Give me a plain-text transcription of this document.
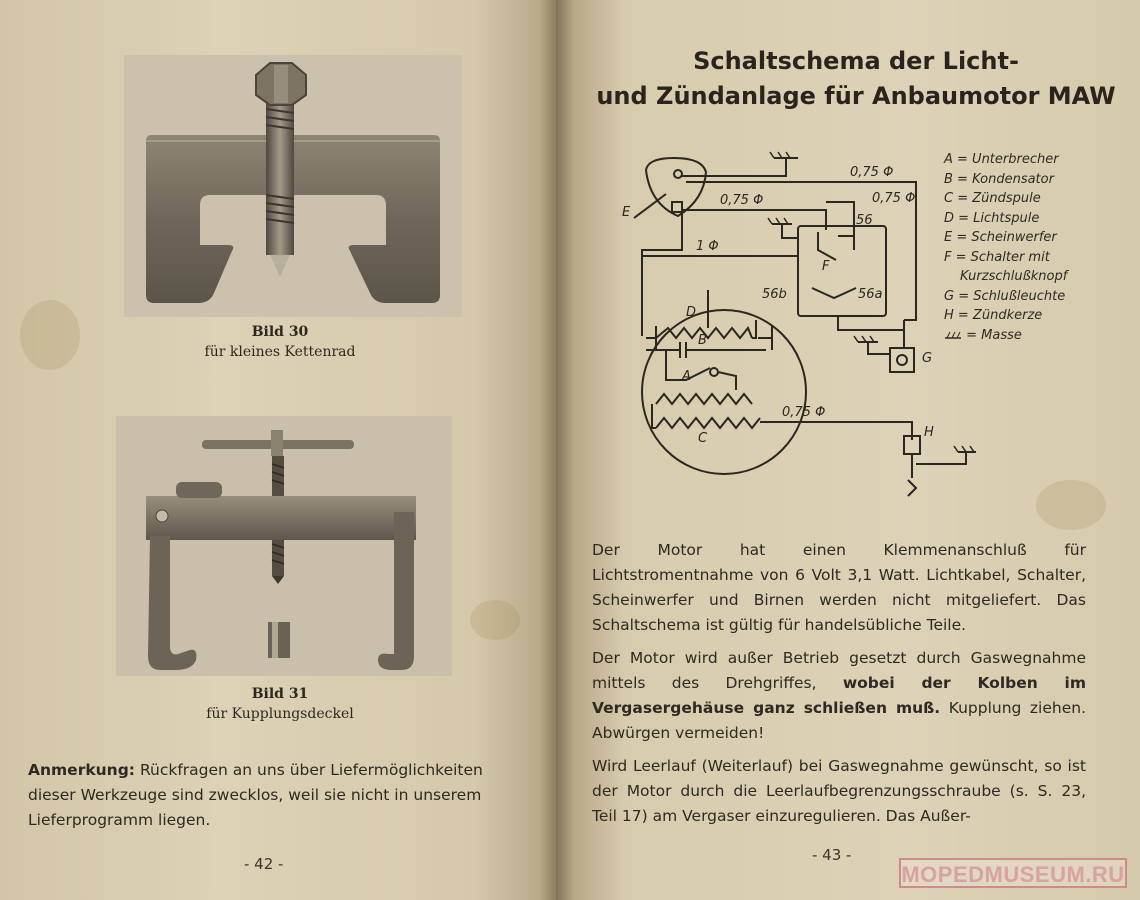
Bild 30
für kleines Kettenrad
Bild 31
für Kupplungsdeckel
Anmerkung: Rückfragen an uns über Liefermöglichkeiten dieser Werkzeuge sind zwecklos, weil sie nicht in unserem Lieferprogramm liegen.
- 42 -
Schaltschema der Licht-
und Zündanlage für Anbaumotor MAW
0,75 Φ
0,75 Φ	0,75 Φ
1 Φ
0,75 Φ
56
56a
56b
E
F
G
H
D
B
A
C
A = Unterbrecher
B = Kondensator
C = Zündspule
D = Lichtspule
E = Scheinwerfer
F = Schalter mit
Kurzschlußknopf
G = Schlußleuchte
H = Zündkerze
= Masse

Der Motor hat einen Klemmenanschluß für Lichtstromentnahme von 6 Volt 3,1 Watt. Lichtkabel, Schalter, Scheinwerfer und Birnen werden nicht mitgeliefert. Das Schaltschema ist gültig für handelsübliche Teile.

Der Motor wird außer Betrieb gesetzt durch Gaswegnahme mittels des Drehgriffes, wobei der Kolben im Vergasergehäuse ganz schließen muß. Kupplung ziehen. Abwürgen vermeiden!

Wird Leerlauf (Weiterlauf) bei Gaswegnahme gewünscht, so ist der Motor durch die Leerlaufbegrenzungsschraube (s. S. 23, Teil 17) am Vergaser einzuregulieren. Das Außer-

- 43 -
MOPEDMUSEUM.RU
